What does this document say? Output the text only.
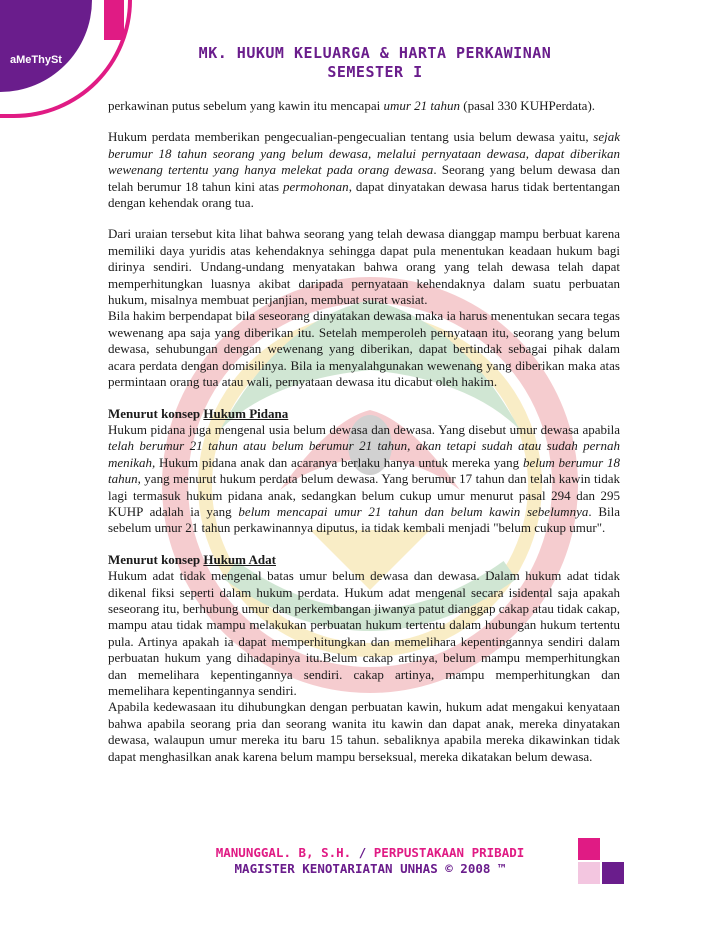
aMeThySt	MK. HUKUM KELUARGA & HARTA PERKAWINAN
SEMESTER I

perkawinan putus sebelum yang kawin itu mencapai umur 21 tahun (pasal 330 KUHPerdata).

Hukum perdata memberikan pengecualian-pengecualian tentang usia belum dewasa yaitu, sejak berumur 18 tahun seorang yang belum dewasa, melalui pernyataan dewasa, dapat diberikan wewenang tertentu yang hanya melekat pada orang dewasa. Seorang yang belum dewasa dan telah berumur 18 tahun kini atas permohonan, dapat dinyatakan dewasa harus tidak bertentangan dengan kehendak orang tua.

Dari uraian tersebut kita lihat bahwa seorang yang telah dewasa dianggap mampu berbuat karena memiliki daya yuridis atas kehendaknya sehingga dapat pula menentukan keadaan hukum bagi dirinya sendiri. Undang-undang menyatakan bahwa orang yang telah dewasa telah dapat memperhitungkan luasnya akibat daripada pernyataan kehendaknya dalam suatu perbuatan hukum, misalnya membuat perjanjian, membuat surat wasiat.

Bila hakim berpendapat bila seseorang dinyatakan dewasa maka ia harus menentukan secara tegas wewenang apa saja yang diberikan itu. Setelah memperoleh pernyataan itu, seorang yang belum dewasa, sehubungan dengan wewenang yang diberikan, dapat bertindak sebagai pihak dalam acara perdata dengan domisilinya. Bila ia menyalahgunakan wewenang yang diberikan maka atas permintaan orang tua atau wali, pernyataan dewasa itu dicabut oleh hakim.

Menurut konsep Hukum Pidana

Hukum pidana juga mengenal usia belum dewasa dan dewasa. Yang disebut umur dewasa apabila telah berumur 21 tahun atau belum berumur 21 tahun, akan tetapi sudah atau sudah pernah menikah, Hukum pidana anak dan acaranya berlaku hanya untuk mereka yang belum berumur 18 tahun, yang menurut hukum perdata belum dewasa. Yang berumur 17 tahun dan telah kawin tidak lagi termasuk hukum pidana anak, sedangkan belum cukup umur menurut pasal 294 dan 295 KUHP adalah ia yang belum mencapai umur 21 tahun dan belum kawin sebelumnya. Bila sebelum umur 21 tahun perkawinannya diputus, ia tidak kembali menjadi "belum cukup umur".

Menurut konsep Hukum Adat

Hukum adat tidak mengenal batas umur belum dewasa dan dewasa. Dalam hukum adat tidak dikenal fiksi seperti dalam hukum perdata. Hukum adat mengenal secara isidental saja apakah seseorang itu, berhubung umur dan perkembangan jiwanya patut dianggap cakap atau tidak cakap, mampu atau tidak mampu melakukan perbuatan hukum tertentu dalam hubungan hukum tertentu pula. Artinya apakah ia dapat memperhitungkan dan memelihara kepentingannya sendiri dalam perbuatan hukum yang dihadapinya itu.Belum cakap artinya, belum mampu memperhitungkan dan memelihara kepentingannya sendiri. cakap artinya, mampu memperhitungkan dan memelihara kepentingannya sendiri.

Apabila kedewasaan itu dihubungkan dengan perbuatan kawin, hukum adat mengakui kenyataan bahwa apabila seorang pria dan seorang wanita itu kawin dan dapat anak, mereka dinyatakan dewasa, walaupun umur mereka itu baru 15 tahun. sebaliknya apabila mereka dikawinkan tidak dapat menghasilkan anak karena belum mampu berseksual, mereka dikatakan belum dewasa.

MANUNGGAL. B, S.H. / PERPUSTAKAAN PRIBADI
MAGISTER KENOTARIATAN UNHAS © 2008 ™
